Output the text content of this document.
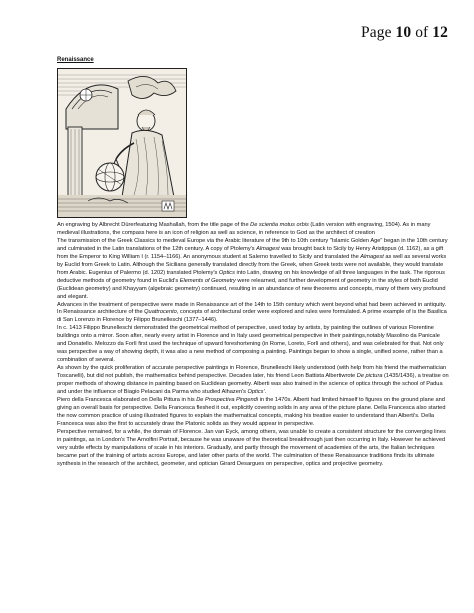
Page 10 of 12
Renaissance

An engraving by Albrecht Dürerfeaturing Mashallah, from the title page of the De scientia motus orbis (Latin version with engraving, 1504). As in many medieval illustrations, the compass here is an icon of religion as well as science, in reference to God as the architect of creation

The transmission of the Greek Classics to medieval Europe via the Arabic literature of the 9th to 10th century "Islamic Golden Age" began in the 10th century and culminated in the Latin translations of the 12th century. A copy of Ptolemy's Almagest was brought back to Sicily by Henry Aristippus (d. 1162), as a gift from the Emperor to King William I (r. 1154–1166). An anonymous student at Salerno travelled to Sicily and translated the Almagest as well as several works by Euclid from Greek to Latin. Although the Sicilians generally translated directly from the Greek, when Greek texts were not available, they would translate from Arabic. Eugenius of Palermo (d. 1202) translated Ptolemy's Optics into Latin, drawing on his knowledge of all three languages in the task. The rigorous deductive methods of geometry found in Euclid's Elements of Geometry were relearned, and further development of geometry in the styles of both Euclid (Euclidean geometry) and Khayyam (algebraic geometry) continued, resulting in an abundance of new theorems and concepts, many of them very profound and elegant.

Advances in the treatment of perspective were made in Renaissance art of the 14th to 15th century which went beyond what had been achieved in antiquity. In Renaissance architecture of the Quattrocento, concepts of architectural order were explored and rules were formulated. A prime example of is the Basilica di San Lorenzo in Florence by Filippo Brunelleschi (1377–1446).

In c. 1413 Filippo Brunelleschi demonstrated the geometrical method of perspective, used today by artists, by painting the outlines of various Florentine buildings onto a mirror. Soon after, nearly every artist in Florence and in Italy used geometrical perspective in their paintings,notably Masolino da Panicale and Donatello. Melozzo da Forlì first used the technique of upward foreshortening (in Rome, Loreto, Forlì and others), and was celebrated for that. Not only was perspective a way of showing depth, it was also a new method of composing a painting. Paintings began to show a single, unified scene, rather than a combination of several.

As shown by the quick proliferation of accurate perspective paintings in Florence, Brunelleschi likely understood (with help from his friend the mathematician Toscanelli), but did not publish, the mathematics behind perspective. Decades later, his friend Leon Battista Albertiwrote De pictura (1435/1436), a treatise on proper methods of showing distance in painting based on Euclidean geometry. Alberti was also trained in the science of optics through the school of Padua and under the influence of Biagio Pelacani da Parma who studied Alhazen's Optics'.

Piero della Francesca elaborated on Della Pittura in his De Prospectiva Pingendi in the 1470s. Alberti had limited himself to figures on the ground plane and giving an overall basis for perspective. Della Francesca fleshed it out, explicitly covering solids in any area of the picture plane. Della Francesca also started the now common practice of using illustrated figures to explain the mathematical concepts, making his treatise easier to understand than Alberti's. Della Francesca was also the first to accurately draw the Platonic solids as they would appear in perspective.

Perspective remained, for a while, the domain of Florence. Jan van Eyck, among others, was unable to create a consistent structure for the converging lines in paintings, as in London's The Arnolfini Portrait, because he was unaware of the theoretical breakthrough just then occurring in Italy. However he achieved very subtle effects by manipulations of scale in his interiors. Gradually, and partly through the movement of academies of the arts, the Italian techniques became part of the training of artists across Europe, and later other parts of the world. The culmination of these Renaissance traditions finds its ultimate synthesis in the research of the architect, geometer, and optician Girard Desargues on perspective, optics and projective geometry.
